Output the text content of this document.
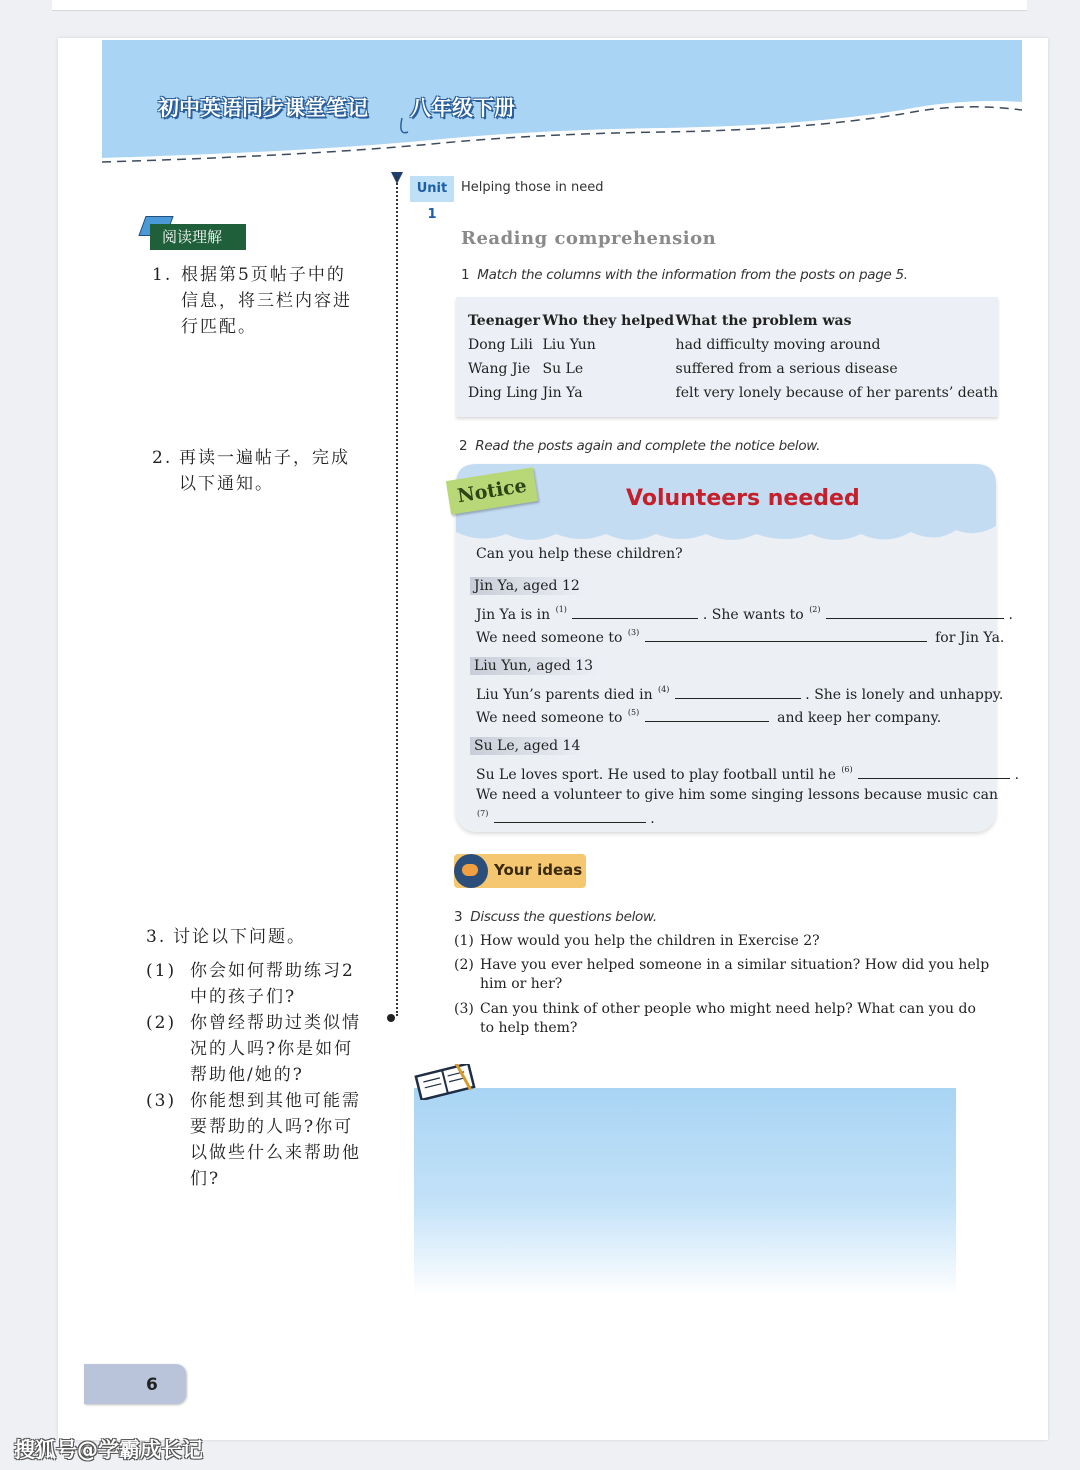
初中英语同步课堂笔记 八年级下册
Unit 1
Helping those in need
阅读理解
1. 根据第5页帖子中的信息，将三栏内容进行匹配。
2. 再读一遍帖子，完成以下通知。
3. 讨论以下问题。
(1) 你会如何帮助练习2中的孩子们?
(2) 你曾经帮助过类似情况的人吗?你是如何帮助他/她的?
(3) 你能想到其他可能需要帮助的人吗?你可以做些什么来帮助他们?
Reading comprehension
1 Match the columns with the information from the posts on page 5.
Teenager	Who they helped	What the problem was
Dong Lili	Liu Yun	had difficulty moving around
Wang Jie	Su Le	suffered from a serious disease
Ding Ling	Jin Ya	felt very lonely because of her parents’ death
2 Read the posts again and complete the notice below.
Notice	Volunteers needed
Can you help these children?
Jin Ya, aged 12
Jin Ya is in $^{(1)}$	. She wants to $^{(2)}$	.
We need someone to $^{(3)}$	for Jin Ya.
Liu Yun, aged 13
Liu Yun’s parents died in $^{(4)}$	. She is lonely and unhappy.
We need someone to $^{(5)}$	and keep her company.
Su Le, aged 14
Su Le loves sport. He used to play football until he $^{(6)}$	.
We need a volunteer to give him some singing lessons because music can
$^{(7)}$	.
Your ideas
3 Discuss the questions below.
(1) How would you help the children in Exercise 2?
(2) Have you ever helped someone in a similar situation? How did you help him or her?
(3) Can you think of other people who might need help? What can you do to help them?
6
搜狐号@学霸成长记
